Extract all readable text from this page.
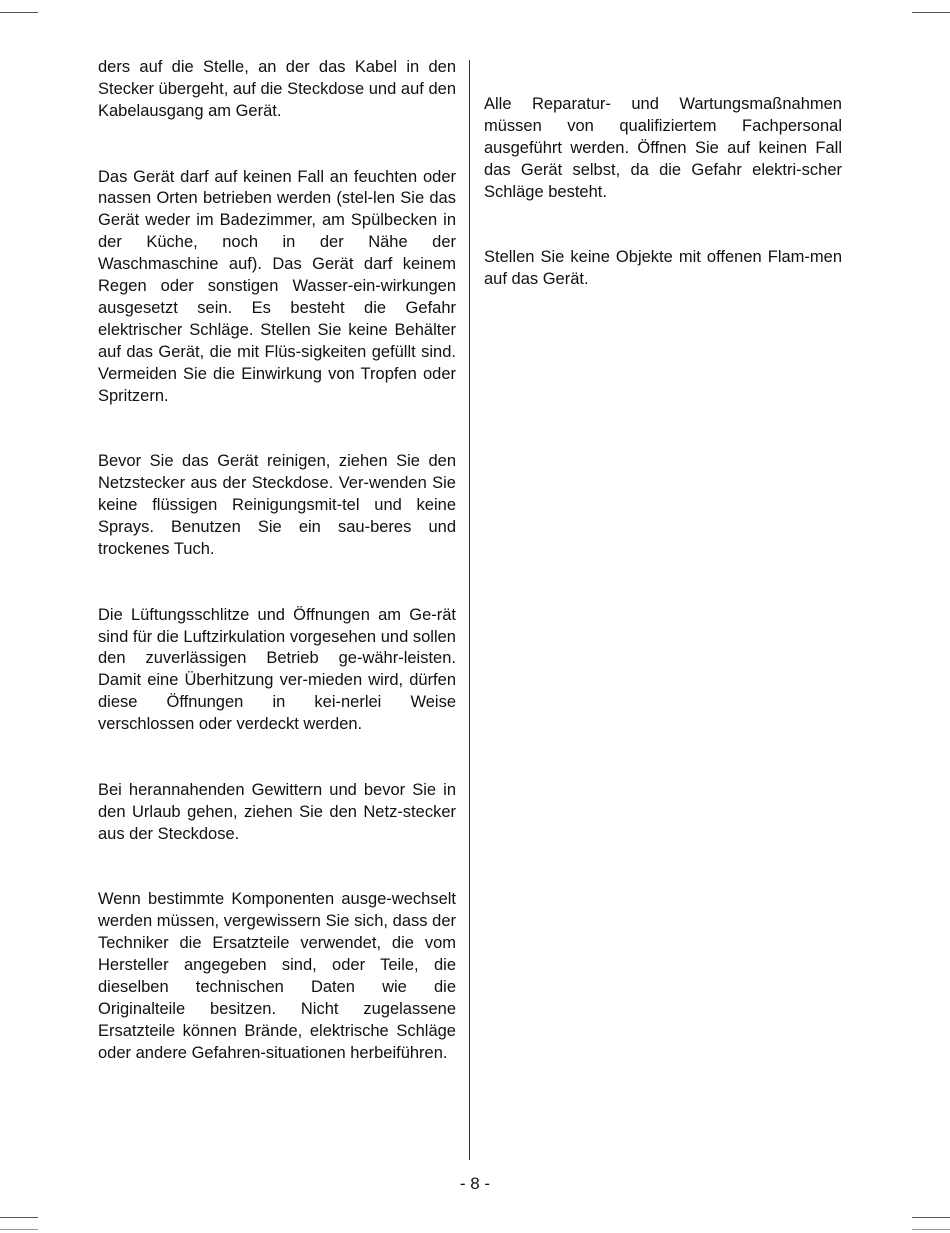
ders auf die Stelle, an der das Kabel in den Stecker übergeht, auf die Steckdose und auf den Kabelausgang am Gerät.

Das Gerät darf auf keinen Fall an feuchten oder nassen Orten betrieben werden (stel-len Sie das Gerät weder im Badezimmer, am Spülbecken in der Küche, noch in der Nähe der Waschmaschine auf). Das Gerät darf keinem Regen oder sonstigen Wasser-ein-wirkungen ausgesetzt sein. Es besteht die Gefahr elektrischer Schläge. Stellen Sie keine Behälter auf das Gerät, die mit Flüs-sigkeiten gefüllt sind. Vermeiden Sie die Einwirkung von Tropfen oder Spritzern.

Bevor Sie das Gerät reinigen, ziehen Sie den Netzstecker aus der Steckdose. Ver-wenden Sie keine flüssigen Reinigungsmit-tel und keine Sprays. Benutzen Sie ein sau-beres und trockenes Tuch.

Die Lüftungsschlitze und Öffnungen am Ge-rät sind für die Luftzirkulation vorgesehen und sollen den zuverlässigen Betrieb ge-währ-leisten. Damit eine Überhitzung ver-mieden wird, dürfen diese Öffnungen in kei-nerlei Weise verschlossen oder verdeckt werden.

Bei herannahenden Gewittern und bevor Sie in den Urlaub gehen, ziehen Sie den Netz-stecker aus der Steckdose.

Wenn bestimmte Komponenten ausge-wechselt werden müssen, vergewissern Sie sich, dass der Techniker die Ersatzteile verwendet, die vom Hersteller angegeben sind, oder Teile, die dieselben technischen Daten wie die Originalteile besitzen. Nicht zugelassene Ersatzteile können Brände, elektrische Schläge oder andere Gefahren-situationen herbeiführen.

Alle Reparatur- und Wartungsmaßnahmen müssen von qualifiziertem Fachpersonal ausgeführt werden. Öffnen Sie auf keinen Fall das Gerät selbst, da die Gefahr elektri-scher Schläge besteht.

Stellen Sie keine Objekte mit offenen Flam-men auf das Gerät.

- 8 -
